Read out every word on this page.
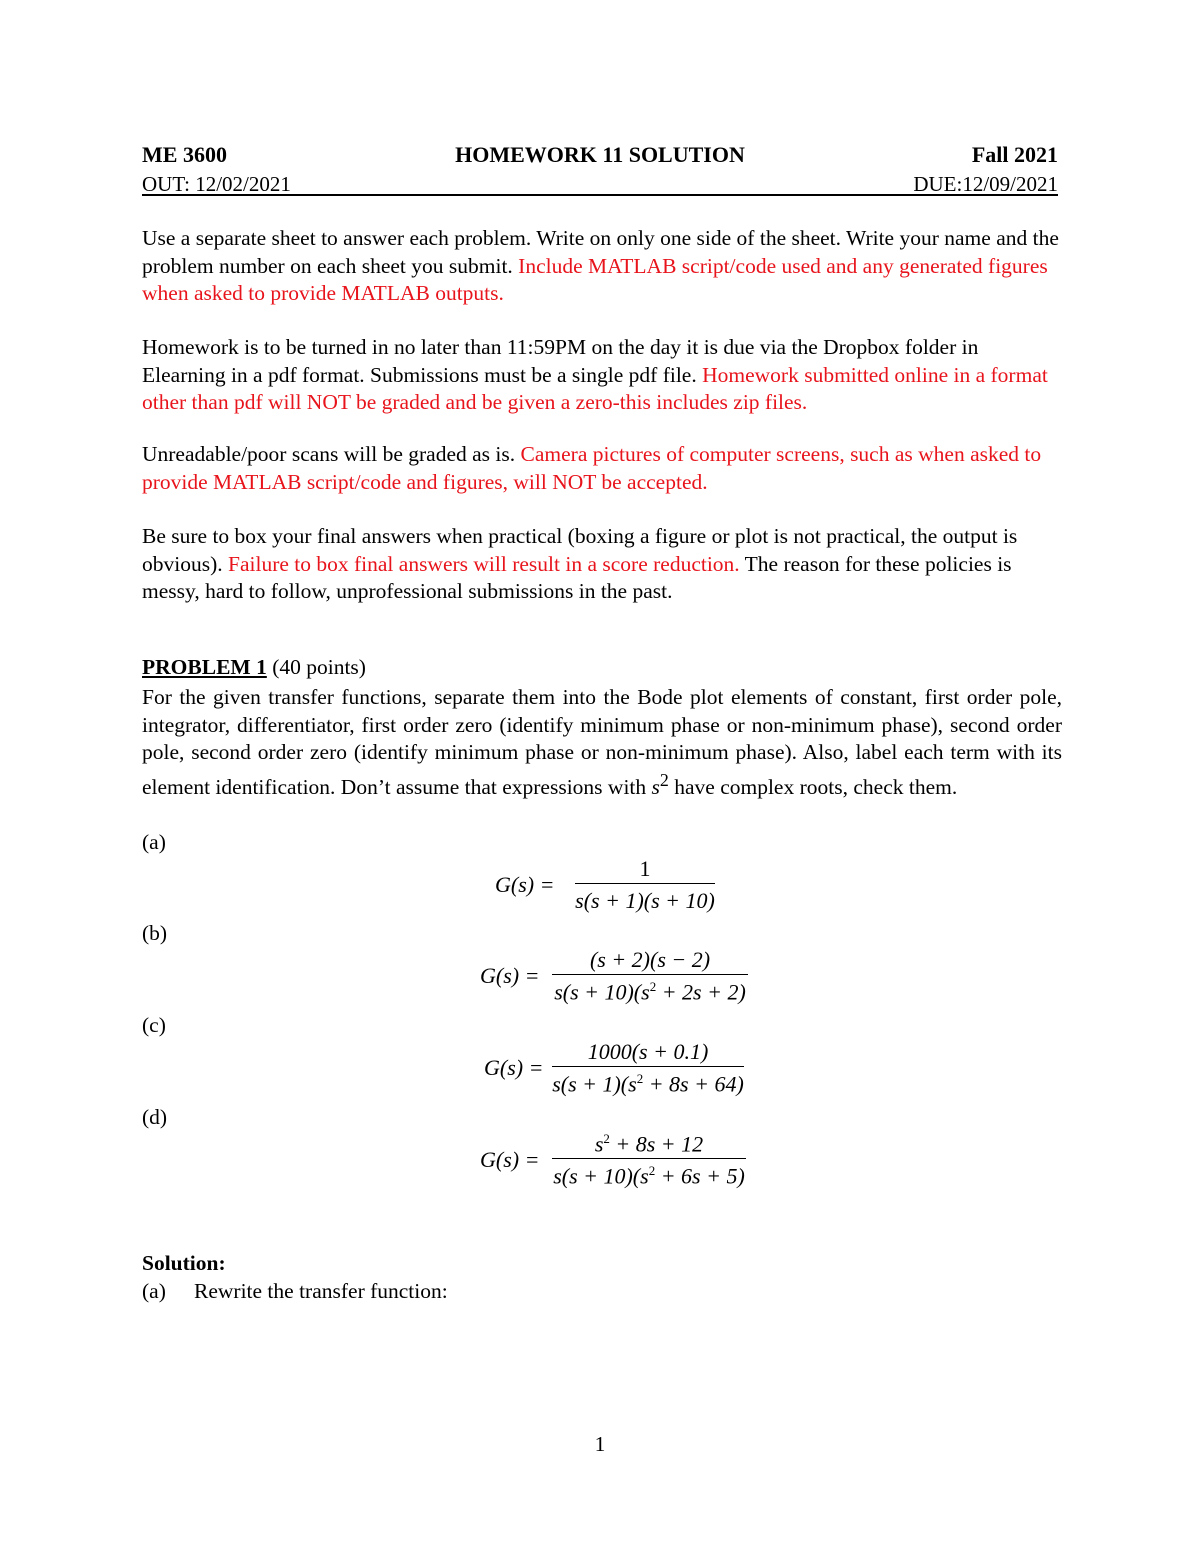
ME 3600	HOMEWORK 11 SOLUTION	Fall 2021
OUT: 12/02/2021	DUE:12/09/2021
Use a separate sheet to answer each problem. Write on only one side of the sheet. Write your name and the problem number on each sheet you submit. Include MATLAB script/code used and any generated figures when asked to provide MATLAB outputs.
Homework is to be turned in no later than 11:59PM on the day it is due via the Dropbox folder in Elearning in a pdf format. Submissions must be a single pdf file. Homework submitted online in a format other than pdf will NOT be graded and be given a zero-this includes zip files.
Unreadable/poor scans will be graded as is. Camera pictures of computer screens, such as when asked to provide MATLAB script/code and figures, will NOT be accepted.
Be sure to box your final answers when practical (boxing a figure or plot is not practical, the output is obvious). Failure to box final answers will result in a score reduction. The reason for these policies is messy, hard to follow, unprofessional submissions in the past.
PROBLEM 1 (40 points)
For the given transfer functions, separate them into the Bode plot elements of constant, first order pole, integrator, differentiator, first order zero (identify minimum phase or non-minimum phase), second order pole, second order zero (identify minimum phase or non-minimum phase). Also, label each term with its element identification. Don’t assume that expressions with $s^2$ have complex roots, check them.
(a)
G(s) =
1
s(s + 1)(s + 10)
(b)
G(s) =
(s + 2)(s − 2)
$s(s + 10)(s^2 + 2s + 2)$
(c)
G(s) =
1000(s + 0.1)
$s(s + 1)(s^2 + 8s + 64)$
(d)
G(s) =
$s^2 + 8s + 12$
$s(s + 10)(s^2 + 6s + 5)$
Solution:
(a) Rewrite the transfer function:
1
